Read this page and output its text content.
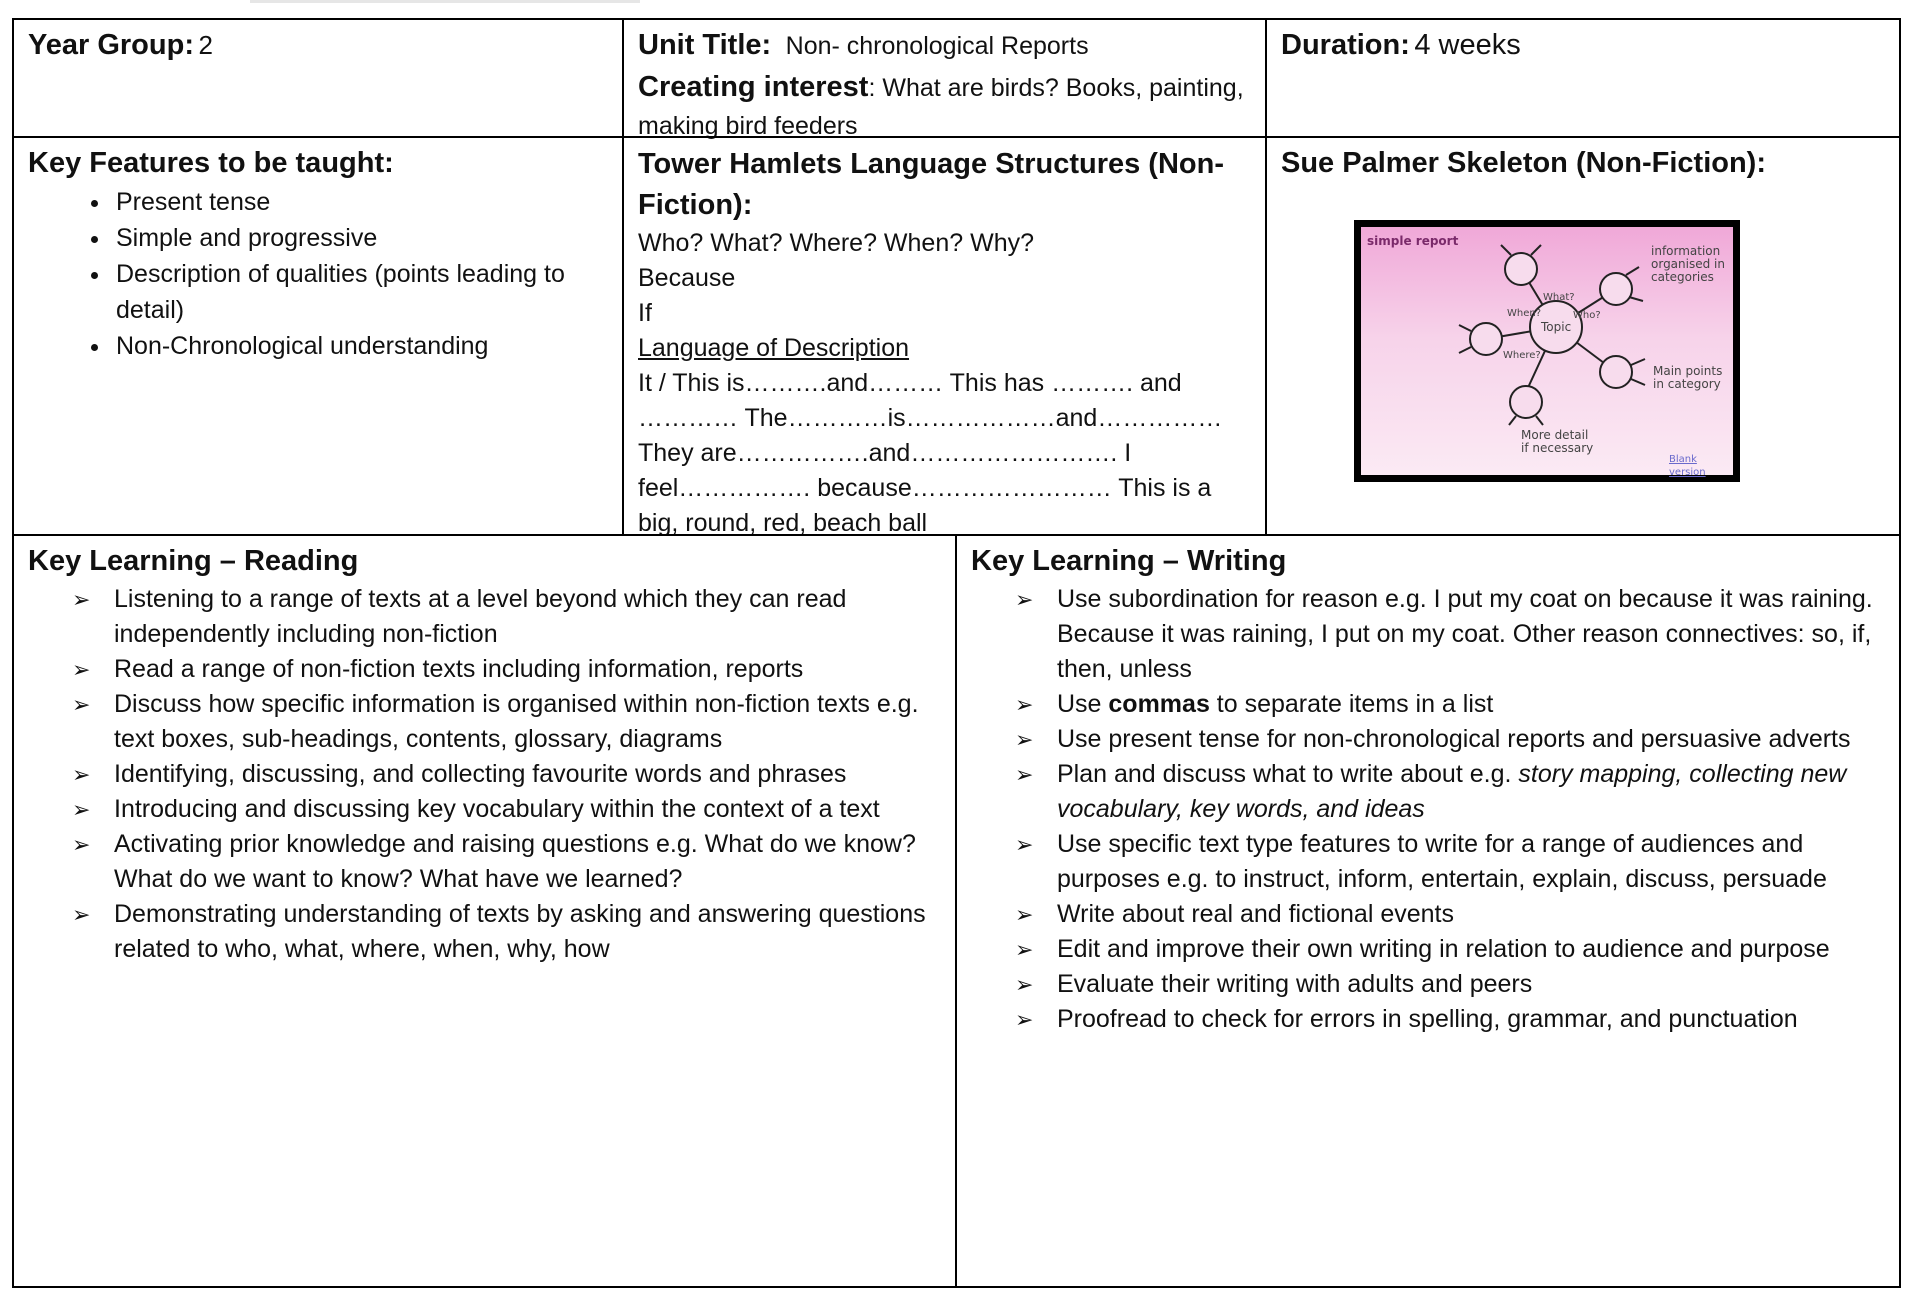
Year Group: 2	Unit Title: Non- chronological Reports
Creating interest: What are birds? Books, painting, making bird feeders
Duration: 4 weeks
Key Features to be taught:
• Present tense
• Simple and progressive
• Description of qualities (points leading to detail)
• Non-Chronological understanding
Tower Hamlets Language Structures (Non-Fiction):
Who? What? Where? When? Why?
Because
If
Language of Description
It / This is……….and……… This has ………. and ………… The…………is………………and…………… They are…………….and……………………. I feel……………. because…………………… This is a big, round, red, beach ball
Sue Palmer Skeleton (Non-Fiction):
simple report
Topic
What?
Who?
When?
Where?
information organised in categories
Main points in category
More detail if necessary
Blank version
Key Learning – Reading
➢ Listening to a range of texts at a level beyond which they can read independently including non-fiction
➢ Read a range of non-fiction texts including information, reports
➢ Discuss how specific information is organised within non-fiction texts e.g. text boxes, sub-headings, contents, glossary, diagrams
➢ Identifying, discussing, and collecting favourite words and phrases
➢ Introducing and discussing key vocabulary within the context of a text
➢ Activating prior knowledge and raising questions e.g. What do we know? What do we want to know? What have we learned?
➢ Demonstrating understanding of texts by asking and answering questions related to who, what, where, when, why, how
Key Learning – Writing
➢ Use subordination for reason e.g. I put my coat on because it was raining. Because it was raining, I put on my coat. Other reason connectives: so, if, then, unless
➢ Use commas to separate items in a list
➢ Use present tense for non-chronological reports and persuasive adverts
➢ Plan and discuss what to write about e.g. story mapping, collecting new vocabulary, key words, and ideas
➢ Use specific text type features to write for a range of audiences and purposes e.g. to instruct, inform, entertain, explain, discuss, persuade
➢ Write about real and fictional events
➢ Edit and improve their own writing in relation to audience and purpose
➢ Evaluate their writing with adults and peers
➢ Proofread to check for errors in spelling, grammar, and punctuation
